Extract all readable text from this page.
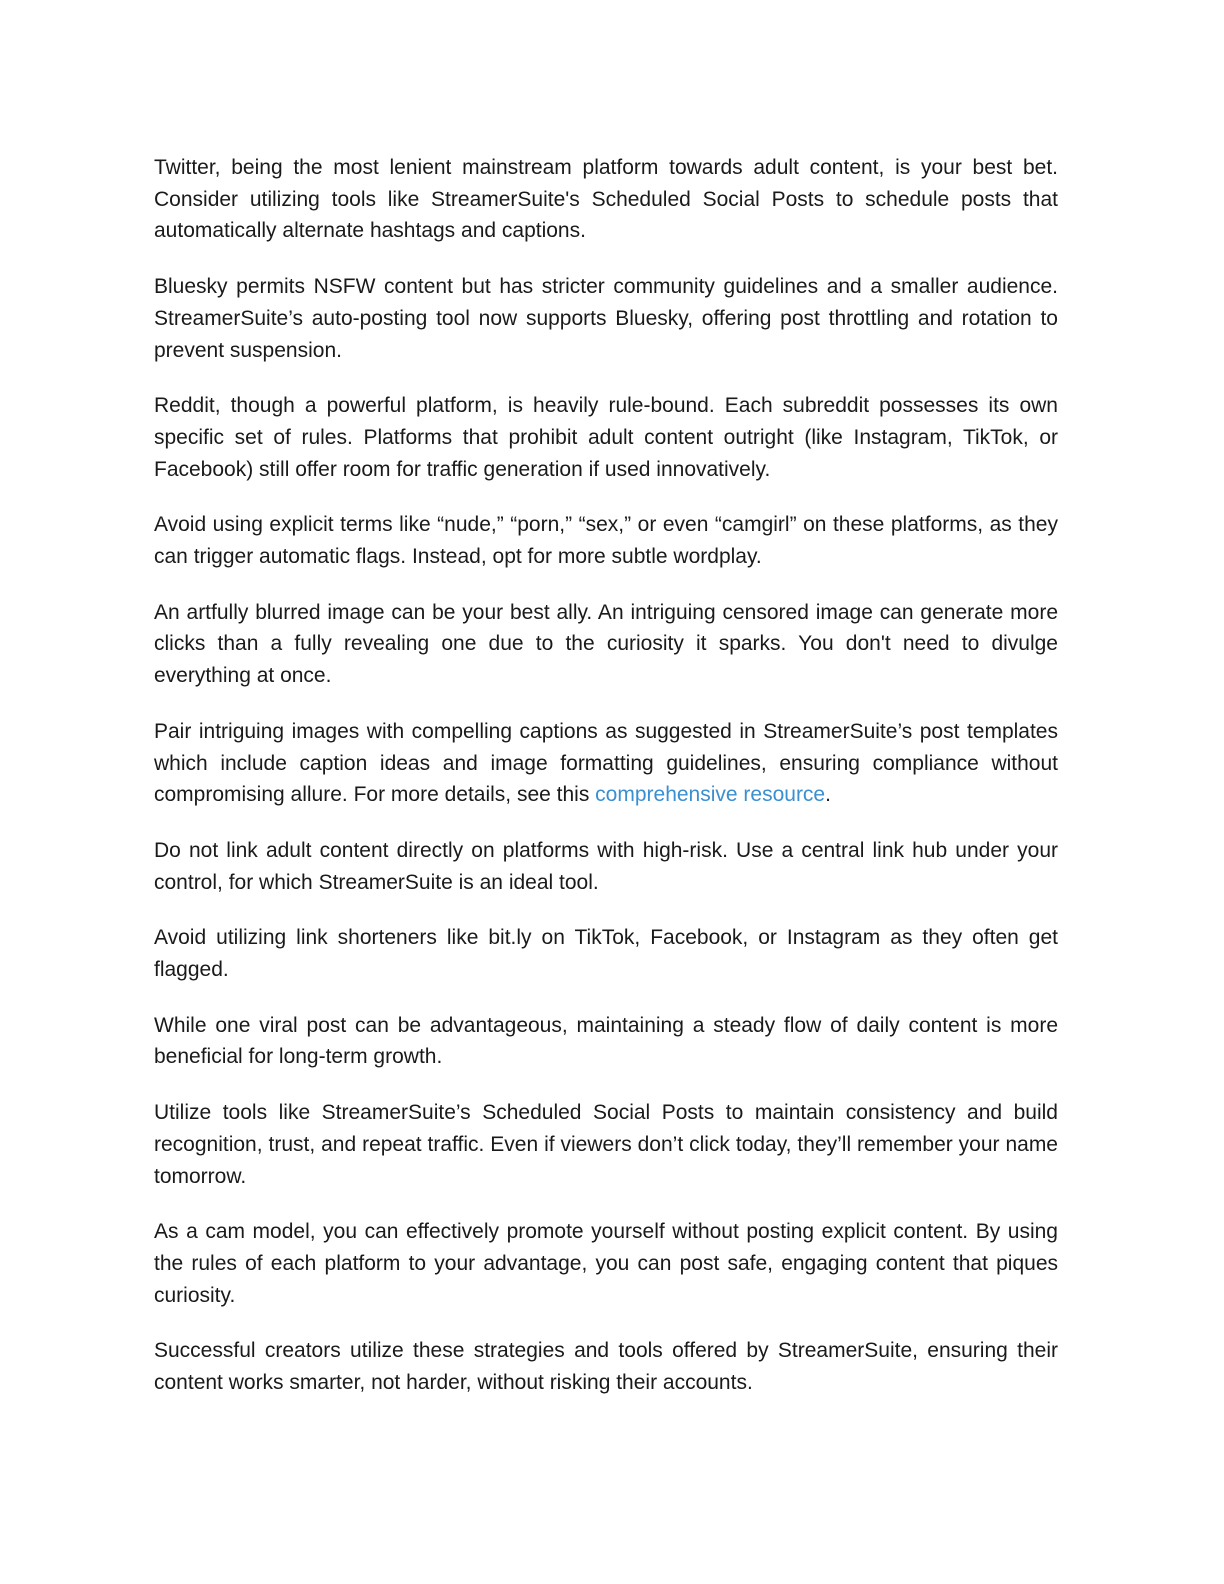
Twitter, being the most lenient mainstream platform towards adult content, is your best bet. Consider utilizing tools like StreamerSuite's Scheduled Social Posts to schedule posts that automatically alternate hashtags and captions.

Bluesky permits NSFW content but has stricter community guidelines and a smaller audience. StreamerSuite’s auto-posting tool now supports Bluesky, offering post throttling and rotation to prevent suspension.

Reddit, though a powerful platform, is heavily rule-bound. Each subreddit possesses its own specific set of rules. Platforms that prohibit adult content outright (like Instagram, TikTok, or Facebook) still offer room for traffic generation if used innovatively.

Avoid using explicit terms like “nude,” “porn,” “sex,” or even “camgirl” on these platforms, as they can trigger automatic flags. Instead, opt for more subtle wordplay.

An artfully blurred image can be your best ally. An intriguing censored image can generate more clicks than a fully revealing one due to the curiosity it sparks. You don't need to divulge everything at once.

Pair intriguing images with compelling captions as suggested in StreamerSuite’s post templates which include caption ideas and image formatting guidelines, ensuring compliance without compromising allure. For more details, see this comprehensive resource.

Do not link adult content directly on platforms with high-risk. Use a central link hub under your control, for which StreamerSuite is an ideal tool.

Avoid utilizing link shorteners like bit.ly on TikTok, Facebook, or Instagram as they often get flagged.

While one viral post can be advantageous, maintaining a steady flow of daily content is more beneficial for long-term growth.

Utilize tools like StreamerSuite’s Scheduled Social Posts to maintain consistency and build recognition, trust, and repeat traffic. Even if viewers don’t click today, they’ll remember your name tomorrow.

As a cam model, you can effectively promote yourself without posting explicit content. By using the rules of each platform to your advantage, you can post safe, engaging content that piques curiosity.

Successful creators utilize these strategies and tools offered by StreamerSuite, ensuring their content works smarter, not harder, without risking their accounts.
